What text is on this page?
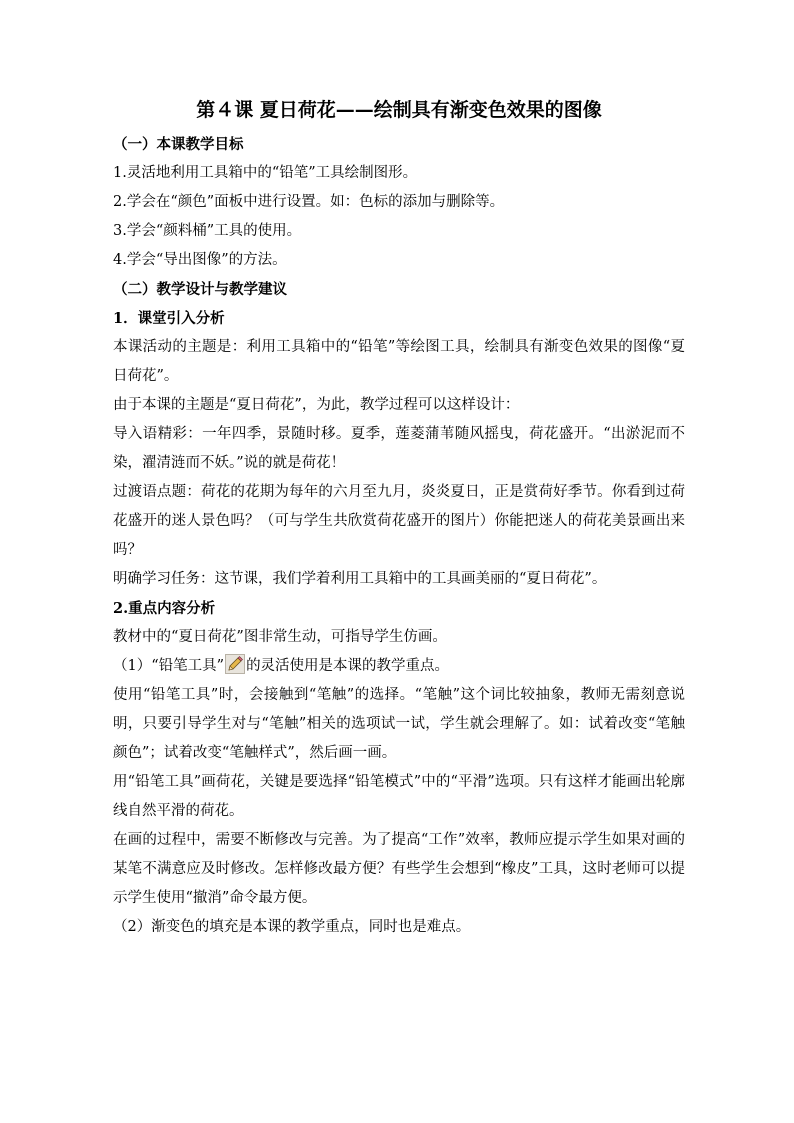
第４课 夏日荷花——绘制具有渐变色效果的图像
（一）本课教学目标

1.灵活地利用工具箱中的“铅笔”工具绘制图形。

2.学会在“颜色”面板中进行设置。如：色标的添加与删除等。

3.学会“颜料桶”工具的使用。

4.学会“导出图像”的方法。

（二）教学设计与教学建议
1．课堂引入分析

本课活动的主题是：利用工具箱中的“铅笔”等绘图工具，绘制具有渐变色效果的图像“夏日荷花”。

由于本课的主题是“夏日荷花”，为此，教学过程可以这样设计：

导入语精彩：一年四季，景随时移。夏季，莲菱蒲苇随风摇曳，荷花盛开。“出淤泥而不染，濯清涟而不妖。”说的就是荷花！

过渡语点题：荷花的花期为每年的六月至九月，炎炎夏日，正是赏荷好季节。你看到过荷花盛开的迷人景色吗？（可与学生共欣赏荷花盛开的图片）你能把迷人的荷花美景画出来吗？

明确学习任务：这节课，我们学着利用工具箱中的工具画美丽的“夏日荷花”。

2.重点内容分析

教材中的“夏日荷花”图非常生动，可指导学生仿画。

（1）“铅笔工具” 的灵活使用是本课的教学重点。

使用“铅笔工具”时，会接触到“笔触”的选择。“笔触”这个词比较抽象，教师无需刻意说明，只要引导学生对与“笔触”相关的选项试一试，学生就会理解了。如：试着改变“笔触颜色”；试着改变“笔触样式”，然后画一画。

用“铅笔工具”画荷花，关键是要选择“铅笔模式”中的“平滑”选项。只有这样才能画出轮廓线自然平滑的荷花。

在画的过程中，需要不断修改与完善。为了提高“工作”效率，教师应提示学生如果对画的某笔不满意应及时修改。怎样修改最方便？有些学生会想到“橡皮”工具，这时老师可以提示学生使用“撤消”命令最方便。

（2）渐变色的填充是本课的教学重点，同时也是难点。
